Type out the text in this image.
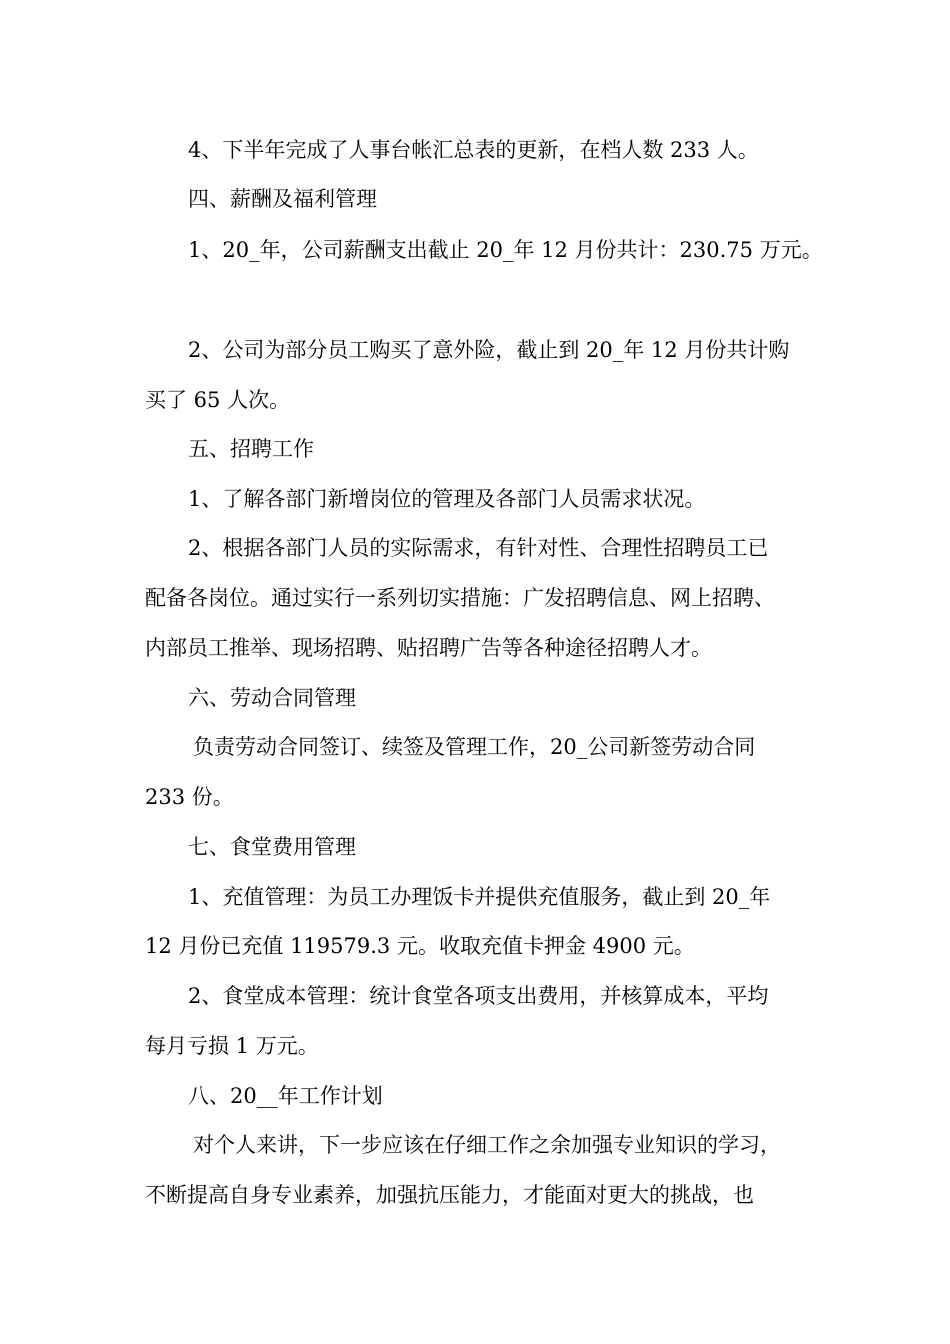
4、下半年完成了人事台帐汇总表的更新，在档人数 233 人。
四、薪酬及福利管理
1、20_年，公司薪酬支出截止 20_年 12 月份共计：230.75 万元。
2、公司为部分员工购买了意外险，截止到 20_年 12 月份共计购
买了 65 人次。
五、招聘工作
1、了解各部门新增岗位的管理及各部门人员需求状况。
2、根据各部门人员的实际需求，有针对性、合理性招聘员工已
配备各岗位。通过实行一系列切实措施：广发招聘信息、网上招聘、
内部员工推举、现场招聘、贴招聘广告等各种途径招聘人才。
六、劳动合同管理
负责劳动合同签订、续签及管理工作，20_公司新签劳动合同
233 份。
七、食堂费用管理
1、充值管理：为员工办理饭卡并提供充值服务，截止到 20_年
12 月份已充值 119579.3 元。收取充值卡押金 4900 元。
2、食堂成本管理：统计食堂各项支出费用，并核算成本，平均
每月亏损 1 万元。
八、20__年工作计划
对个人来讲，下一步应该在仔细工作之余加强专业知识的学习，
不断提高自身专业素养，加强抗压能力，才能面对更大的挑战，也
